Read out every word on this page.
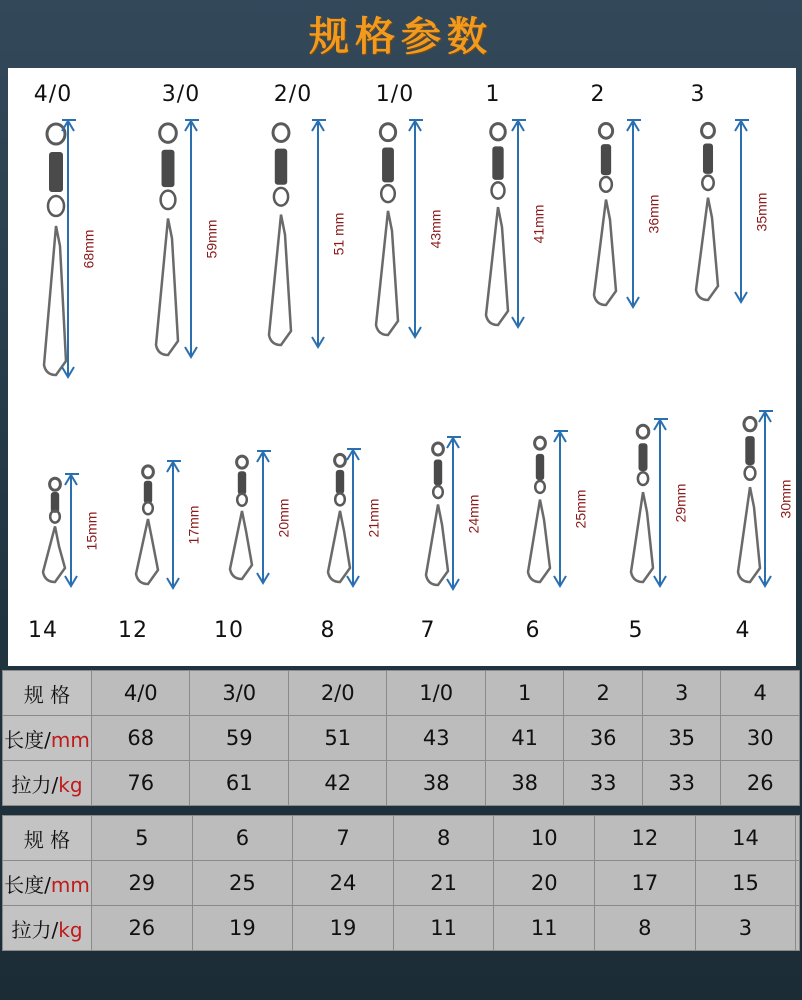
规格参数
4/0
68mm
3/0
59mm
2/0
51 mm
1/0
43mm
1
41mm
2
36mm
3
35mm
14
15mm
12
17mm
10
20mm
8
21mm
7
24mm
6
25mm
5
29mm
4
30mm
规 格	4/0	3/0	2/0	1/0	1	2	3	4
长度/mm	68	59	51	43	41	36	35	30
拉力/kg	76	61	42	38	38	33	33	26
规 格	5	6	7	8	10	12	14	
长度/mm	29	25	24	21	20	17	15	
拉力/kg	26	19	19	11	11	8	3	
